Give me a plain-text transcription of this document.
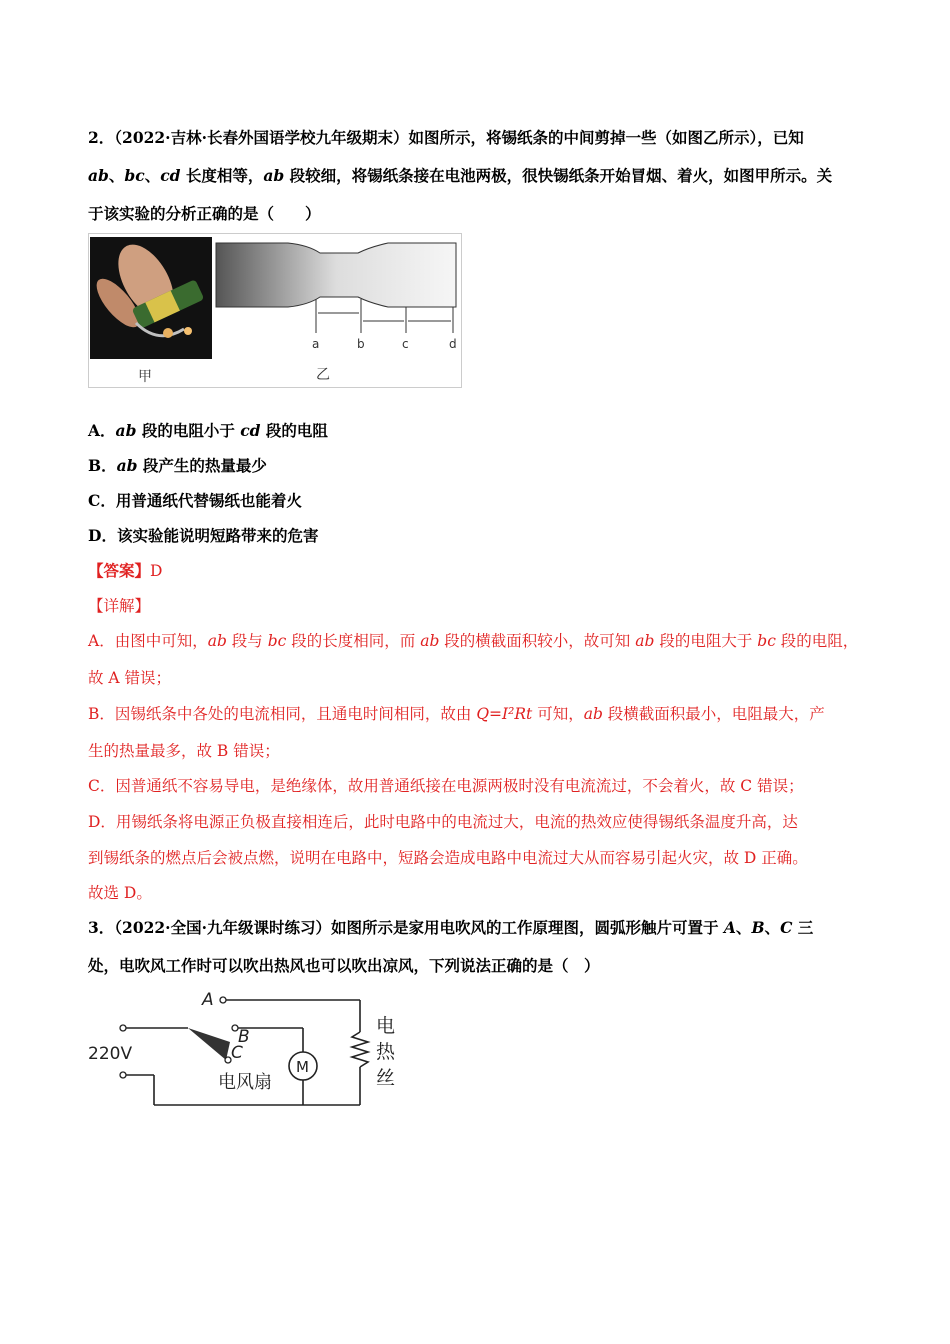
2．（2022·吉林·长春外国语学校九年级期末）如图所示，将锡纸条的中间剪掉一些（如图乙所示），已知
ab、bc、cd 长度相等，ab 段较细，将锡纸条接在电池两极，很快锡纸条开始冒烟、着火，如图甲所示。关
于该实验的分析正确的是（　　）
甲
a	b	c	d
乙
A．ab 段的电阻小于 cd 段的电阻
B．ab 段产生的热量最少
C．用普通纸代替锡纸也能着火
D．该实验能说明短路带来的危害
【答案】D
【详解】
A．由图中可知，ab 段与 bc 段的长度相同，而 ab 段的横截面积较小，故可知 ab 段的电阻大于 bc 段的电阻，
故 A 错误；
B．因锡纸条中各处的电流相同，且通电时间相同，故由 Q=I²Rt 可知，ab 段横截面积最小，电阻最大，产
生的热量最多，故 B 错误；
C．因普通纸不容易导电，是绝缘体，故用普通纸接在电源两极时没有电流流过，不会着火，故 C 错误；
D．用锡纸条将电源正负极直接相连后，此时电路中的电流过大，电流的热效应使得锡纸条温度升高，达
到锡纸条的燃点后会被点燃，说明在电路中，短路会造成电路中电流过大从而容易引起火灾，故 D 正确。
故选 D。
3．（2022·全国·九年级课时练习）如图所示是家用电吹风的工作原理图，圆弧形触片可置于 A、B、C 三
处，电吹风工作时可以吹出热风也可以吹出凉风，下列说法正确的是（　）
M
A
B
C
220V
电风扇
电
热
丝
